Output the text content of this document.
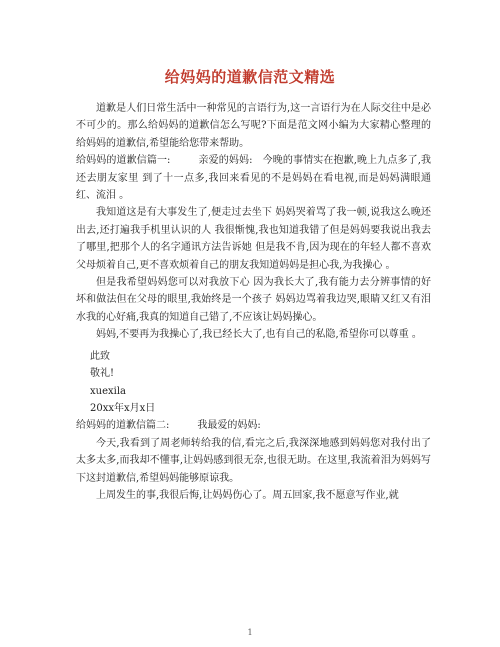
给妈妈的道歉信范文精选

道歉是人们日常生活中一种常见的言语行为,这一言语行为在人际交往中是必不可少的。那么给妈妈的道歉信怎么写呢?下面是范文网小编为大家精心整理的给妈妈的道歉信,希望能给您带来帮助。

给妈妈的道歉信篇一:	亲爱的妈妈: 今晚的事情实在抱歉,晚上九点多了,我还去朋友家里 到了十一点多,我回来看见的不是妈妈在看电视,而是妈妈满眼通红、流泪 。

我知道这是有大事发生了,便走过去坐下 妈妈哭着骂了我一顿,说我这么晚还出去,还打遍我手机里认识的人 我很惭愧,我也知道我错了但是妈妈要我说出我去了哪里,把那个人的名字通讯方法告诉她 但是我不肯,因为现在的年轻人都不喜欢父母烦着自己,更不喜欢烦着自己的朋友我知道妈妈是担心我,为我操心 。

但是我希望妈妈您可以对我放下心 因为我长大了,我有能力去分辨事情的好坏和做法但在父母的眼里,我始终是一个孩子 妈妈边骂着我边哭,眼睛又红又有泪水我的心好痛,我真的知道自己错了,不应该让妈妈操心。

妈妈,不要再为我操心了,我已经长大了,也有自己的私隐,希望你可以尊重 。

此致

敬礼!

xuexila

20xx年x月x日

给妈妈的道歉信篇二:	我最爱的妈妈:

今天,我看到了周老师转给我的信,看完之后,我深深地感到妈妈您对我付出了太多太多,而我却不懂事,让妈妈感到很无奈,也很无助。在这里,我流着泪为妈妈写下这封道歉信,希望妈妈能够原谅我。

上周发生的事,我很后悔,让妈妈伤心了。周五回家,我不愿意写作业,就

1
